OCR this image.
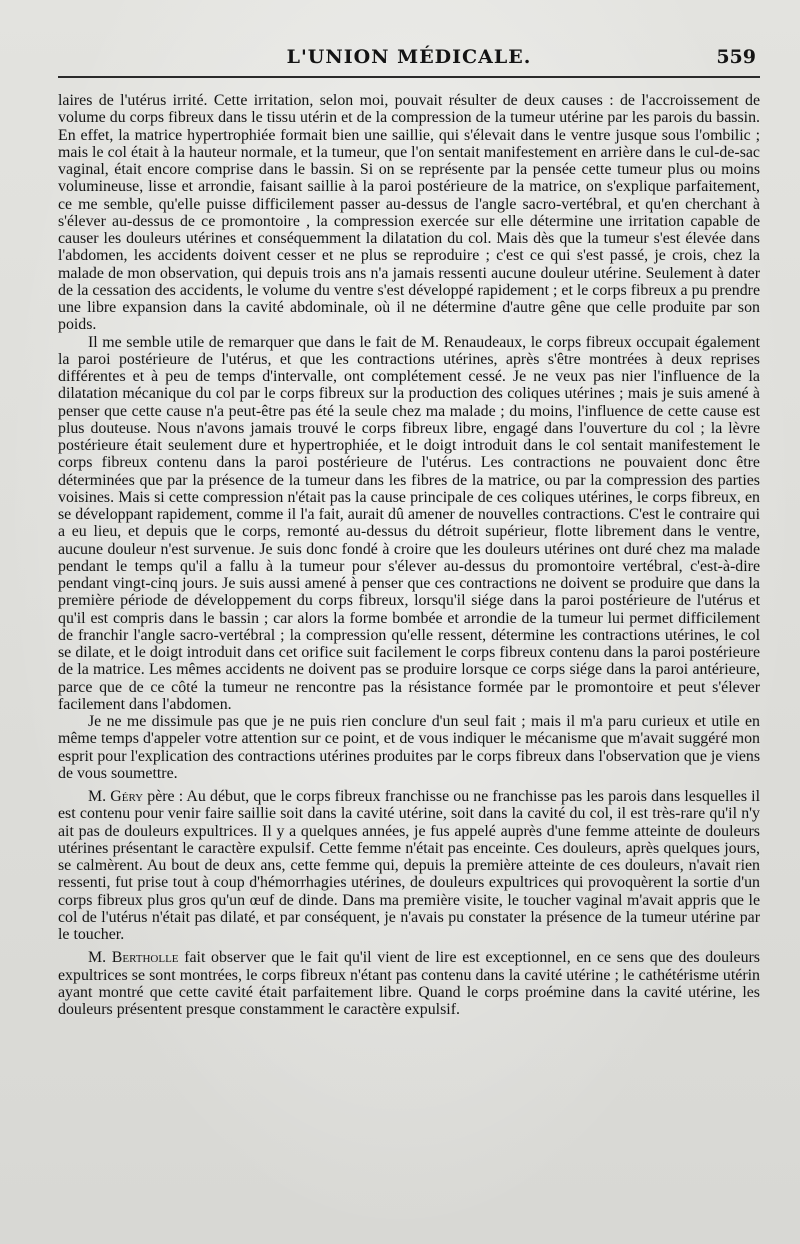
L'UNION MÉDICALE.	559

laires de l'utérus irrité. Cette irritation, selon moi, pouvait résulter de deux causes : de l'accroissement de volume du corps fibreux dans le tissu utérin et de la compression de la tumeur utérine par les parois du bassin. En effet, la matrice hypertrophiée formait bien une saillie, qui s'élevait dans le ventre jusque sous l'ombilic ; mais le col était à la hauteur normale, et la tumeur, que l'on sentait manifestement en arrière dans le cul-de-sac vaginal, était encore comprise dans le bassin. Si on se représente par la pensée cette tumeur plus ou moins volumineuse, lisse et arrondie, faisant saillie à la paroi postérieure de la matrice, on s'explique parfaitement, ce me semble, qu'elle puisse difficilement passer au-dessus de l'angle sacro-vertébral, et qu'en cherchant à s'élever au-dessus de ce promontoire , la compression exercée sur elle détermine une irritation capable de causer les douleurs utérines et conséquemment la dilatation du col. Mais dès que la tumeur s'est élevée dans l'abdomen, les accidents doivent cesser et ne plus se reproduire ; c'est ce qui s'est passé, je crois, chez la malade de mon observation, qui depuis trois ans n'a jamais ressenti aucune douleur utérine. Seulement à dater de la cessation des accidents, le volume du ventre s'est développé rapidement ; et le corps fibreux a pu prendre une libre expansion dans la cavité abdominale, où il ne détermine d'autre gêne que celle produite par son poids.

Il me semble utile de remarquer que dans le fait de M. Renaudeaux, le corps fibreux occupait également la paroi postérieure de l'utérus, et que les contractions utérines, après s'être montrées à deux reprises différentes et à peu de temps d'intervalle, ont complétement cessé. Je ne veux pas nier l'influence de la dilatation mécanique du col par le corps fibreux sur la production des coliques utérines ; mais je suis amené à penser que cette cause n'a peut-être pas été la seule chez ma malade ; du moins, l'influence de cette cause est plus douteuse. Nous n'avons jamais trouvé le corps fibreux libre, engagé dans l'ouverture du col ; la lèvre postérieure était seulement dure et hypertrophiée, et le doigt introduit dans le col sentait manifestement le corps fibreux contenu dans la paroi postérieure de l'utérus. Les contractions ne pouvaient donc être déterminées que par la présence de la tumeur dans les fibres de la matrice, ou par la compression des parties voisines. Mais si cette compression n'était pas la cause principale de ces coliques utérines, le corps fibreux, en se développant rapidement, comme il l'a fait, aurait dû amener de nouvelles contractions. C'est le contraire qui a eu lieu, et depuis que le corps, remonté au-dessus du détroit supérieur, flotte librement dans le ventre, aucune douleur n'est survenue. Je suis donc fondé à croire que les douleurs utérines ont duré chez ma malade pendant le temps qu'il a fallu à la tumeur pour s'élever au-dessus du promontoire vertébral, c'est-à-dire pendant vingt-cinq jours. Je suis aussi amené à penser que ces contractions ne doivent se produire que dans la première période de développement du corps fibreux, lorsqu'il siége dans la paroi postérieure de l'utérus et qu'il est compris dans le bassin ; car alors la forme bombée et arrondie de la tumeur lui permet difficilement de franchir l'angle sacro-vertébral ; la compression qu'elle ressent, détermine les contractions utérines, le col se dilate, et le doigt introduit dans cet orifice suit facilement le corps fibreux contenu dans la paroi postérieure de la matrice. Les mêmes accidents ne doivent pas se produire lorsque ce corps siége dans la paroi antérieure, parce que de ce côté la tumeur ne rencontre pas la résistance formée par le promontoire et peut s'élever facilement dans l'abdomen.

Je ne me dissimule pas que je ne puis rien conclure d'un seul fait ; mais il m'a paru curieux et utile en même temps d'appeler votre attention sur ce point, et de vous indiquer le mécanisme que m'avait suggéré mon esprit pour l'explication des contractions utérines produites par le corps fibreux dans l'observation que je viens de vous soumettre.

M. Géry père : Au début, que le corps fibreux franchisse ou ne franchisse pas les parois dans lesquelles il est contenu pour venir faire saillie soit dans la cavité utérine, soit dans la cavité du col, il est très-rare qu'il n'y ait pas de douleurs expultrices. Il y a quelques années, je fus appelé auprès d'une femme atteinte de douleurs utérines présentant le caractère expulsif. Cette femme n'était pas enceinte. Ces douleurs, après quelques jours, se calmèrent. Au bout de deux ans, cette femme qui, depuis la première atteinte de ces douleurs, n'avait rien ressenti, fut prise tout à coup d'hémorrhagies utérines, de douleurs expultrices qui provoquèrent la sortie d'un corps fibreux plus gros qu'un œuf de dinde. Dans ma première visite, le toucher vaginal m'avait appris que le col de l'utérus n'était pas dilaté, et par conséquent, je n'avais pu constater la présence de la tumeur utérine par le toucher.

M. Bertholle fait observer que le fait qu'il vient de lire est exceptionnel, en ce sens que des douleurs expultrices se sont montrées, le corps fibreux n'étant pas contenu dans la cavité utérine ; le cathétérisme utérin ayant montré que cette cavité était parfaitement libre. Quand le corps proémine dans la cavité utérine, les douleurs présentent presque constamment le caractère expulsif.
